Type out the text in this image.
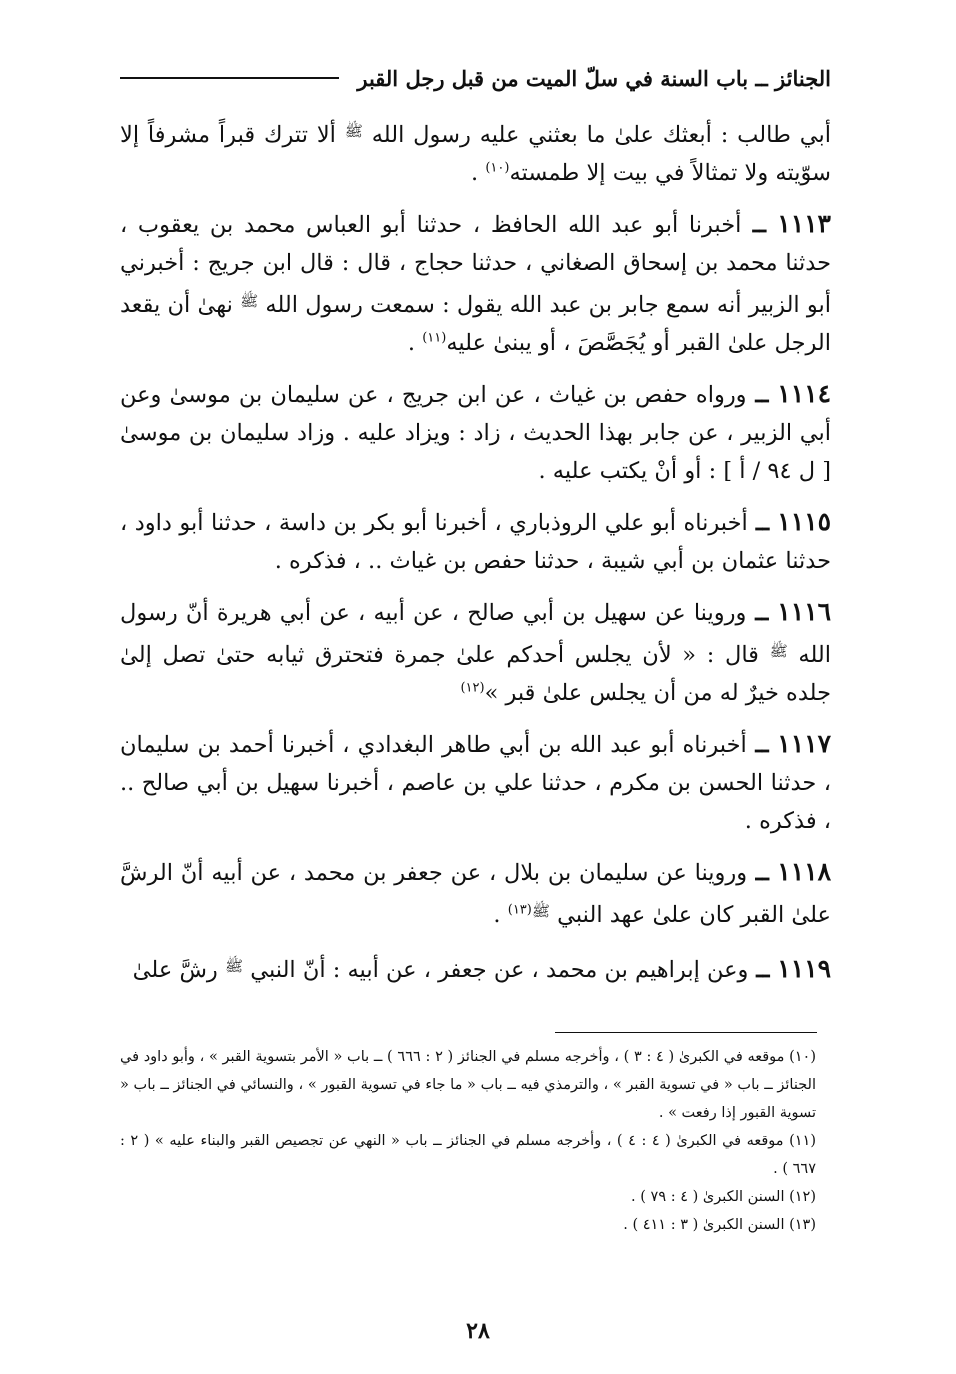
الجنائز ــ باب السنة في سلّ الميت من قبل رجل القبر

أبي طالب : أبعثك علىٰ ما بعثني عليه رسول الله $^ﷺ$ ألا تترك قبراً مشرفاً إلا سوّيته ولا تمثالاً في بيت إلا طمسته$^{(١٠)}$ .

١١١٣ ــ أخبرنا أبو عبد الله الحافظ ، حدثنا أبو العباس محمد بن يعقوب ، حدثنا محمد بن إسحاق الصغاني ، حدثنا حجاج ، قال : قال ابن جريج : أخبرني أبو الزبير أنه سمع جابر بن عبد الله يقول : سمعت رسول الله $^ﷺ$ نهىٰ أن يقعد الرجل علىٰ القبر أو يُجَصَّصَ ، أو يبنىٰ عليه$^{(١١)}$ .

١١١٤ ــ ورواه حفص بن غياث ، عن ابن جريج ، عن سليمان بن موسىٰ وعن أبي الزبير ، عن جابر بهذا الحديث ، زاد : ويزاد عليه . وزاد سليمان بن موسىٰ [ ل ٩٤ / أ ] : أو أنْ يكتب عليه .

١١١٥ ــ أخبرناه أبو علي الروذباري ، أخبرنا أبو بكر بن داسة ، حدثنا أبو داود ، حدثنا عثمان بن أبي شيبة ، حدثنا حفص بن غياث .. ، فذكره .

١١١٦ ــ وروينا عن سهيل بن أبي صالح ، عن أبيه ، عن أبي هريرة أنّ رسول الله $^ﷺ$ قال : « لأن يجلس أحدكم علىٰ جمرة فتحترق ثيابه حتىٰ تصل إلىٰ جلده خيرٌ له من أن يجلس علىٰ قبر »$^{(١٢)}$

١١١٧ ــ أخبرناه أبو عبد الله بن أبي طاهر البغدادي ، أخبرنا أحمد بن سليمان ، حدثنا الحسن بن مكرم ، حدثنا علي بن عاصم ، أخبرنا سهيل بن أبي صالح .. ، فذكره .

١١١٨ ــ وروينا عن سليمان بن بلال ، عن جعفر بن محمد ، عن أبيه أنّ الرشَّ علىٰ القبر كان علىٰ عهد النبي $^{ﷺ(١٣)}$ .

١١١٩ ــ وعن إبراهيم بن محمد ، عن جعفر ، عن أبيه : أنّ النبي $^ﷺ$ رشَّ علىٰ

(١٠) موقعه في الكبرىٰ ( ٤ : ٣ ) ، وأخرجه مسلم في الجنائز ( ٢ : ٦٦٦ ) ــ باب « الأمر بتسوية القبر » ، وأبو داود في الجنائز ــ باب « في تسوية القبر » ، والترمذي فيه ــ باب « ما جاء في تسوية القبور » ، والنسائي في الجنائز ــ باب « تسوية القبور إذا رفعت » .

(١١) موقعه في الكبرىٰ ( ٤ : ٤ ) ، وأخرجه مسلم في الجنائز ــ باب « النهي عن تجصيص القبر والبناء عليه » ( ٢ : ٦٦٧ ) .

(١٢) السنن الكبرىٰ ( ٤ : ٧٩ ) .

(١٣) السنن الكبرىٰ ( ٣ : ٤١١ ) .

٢٨
